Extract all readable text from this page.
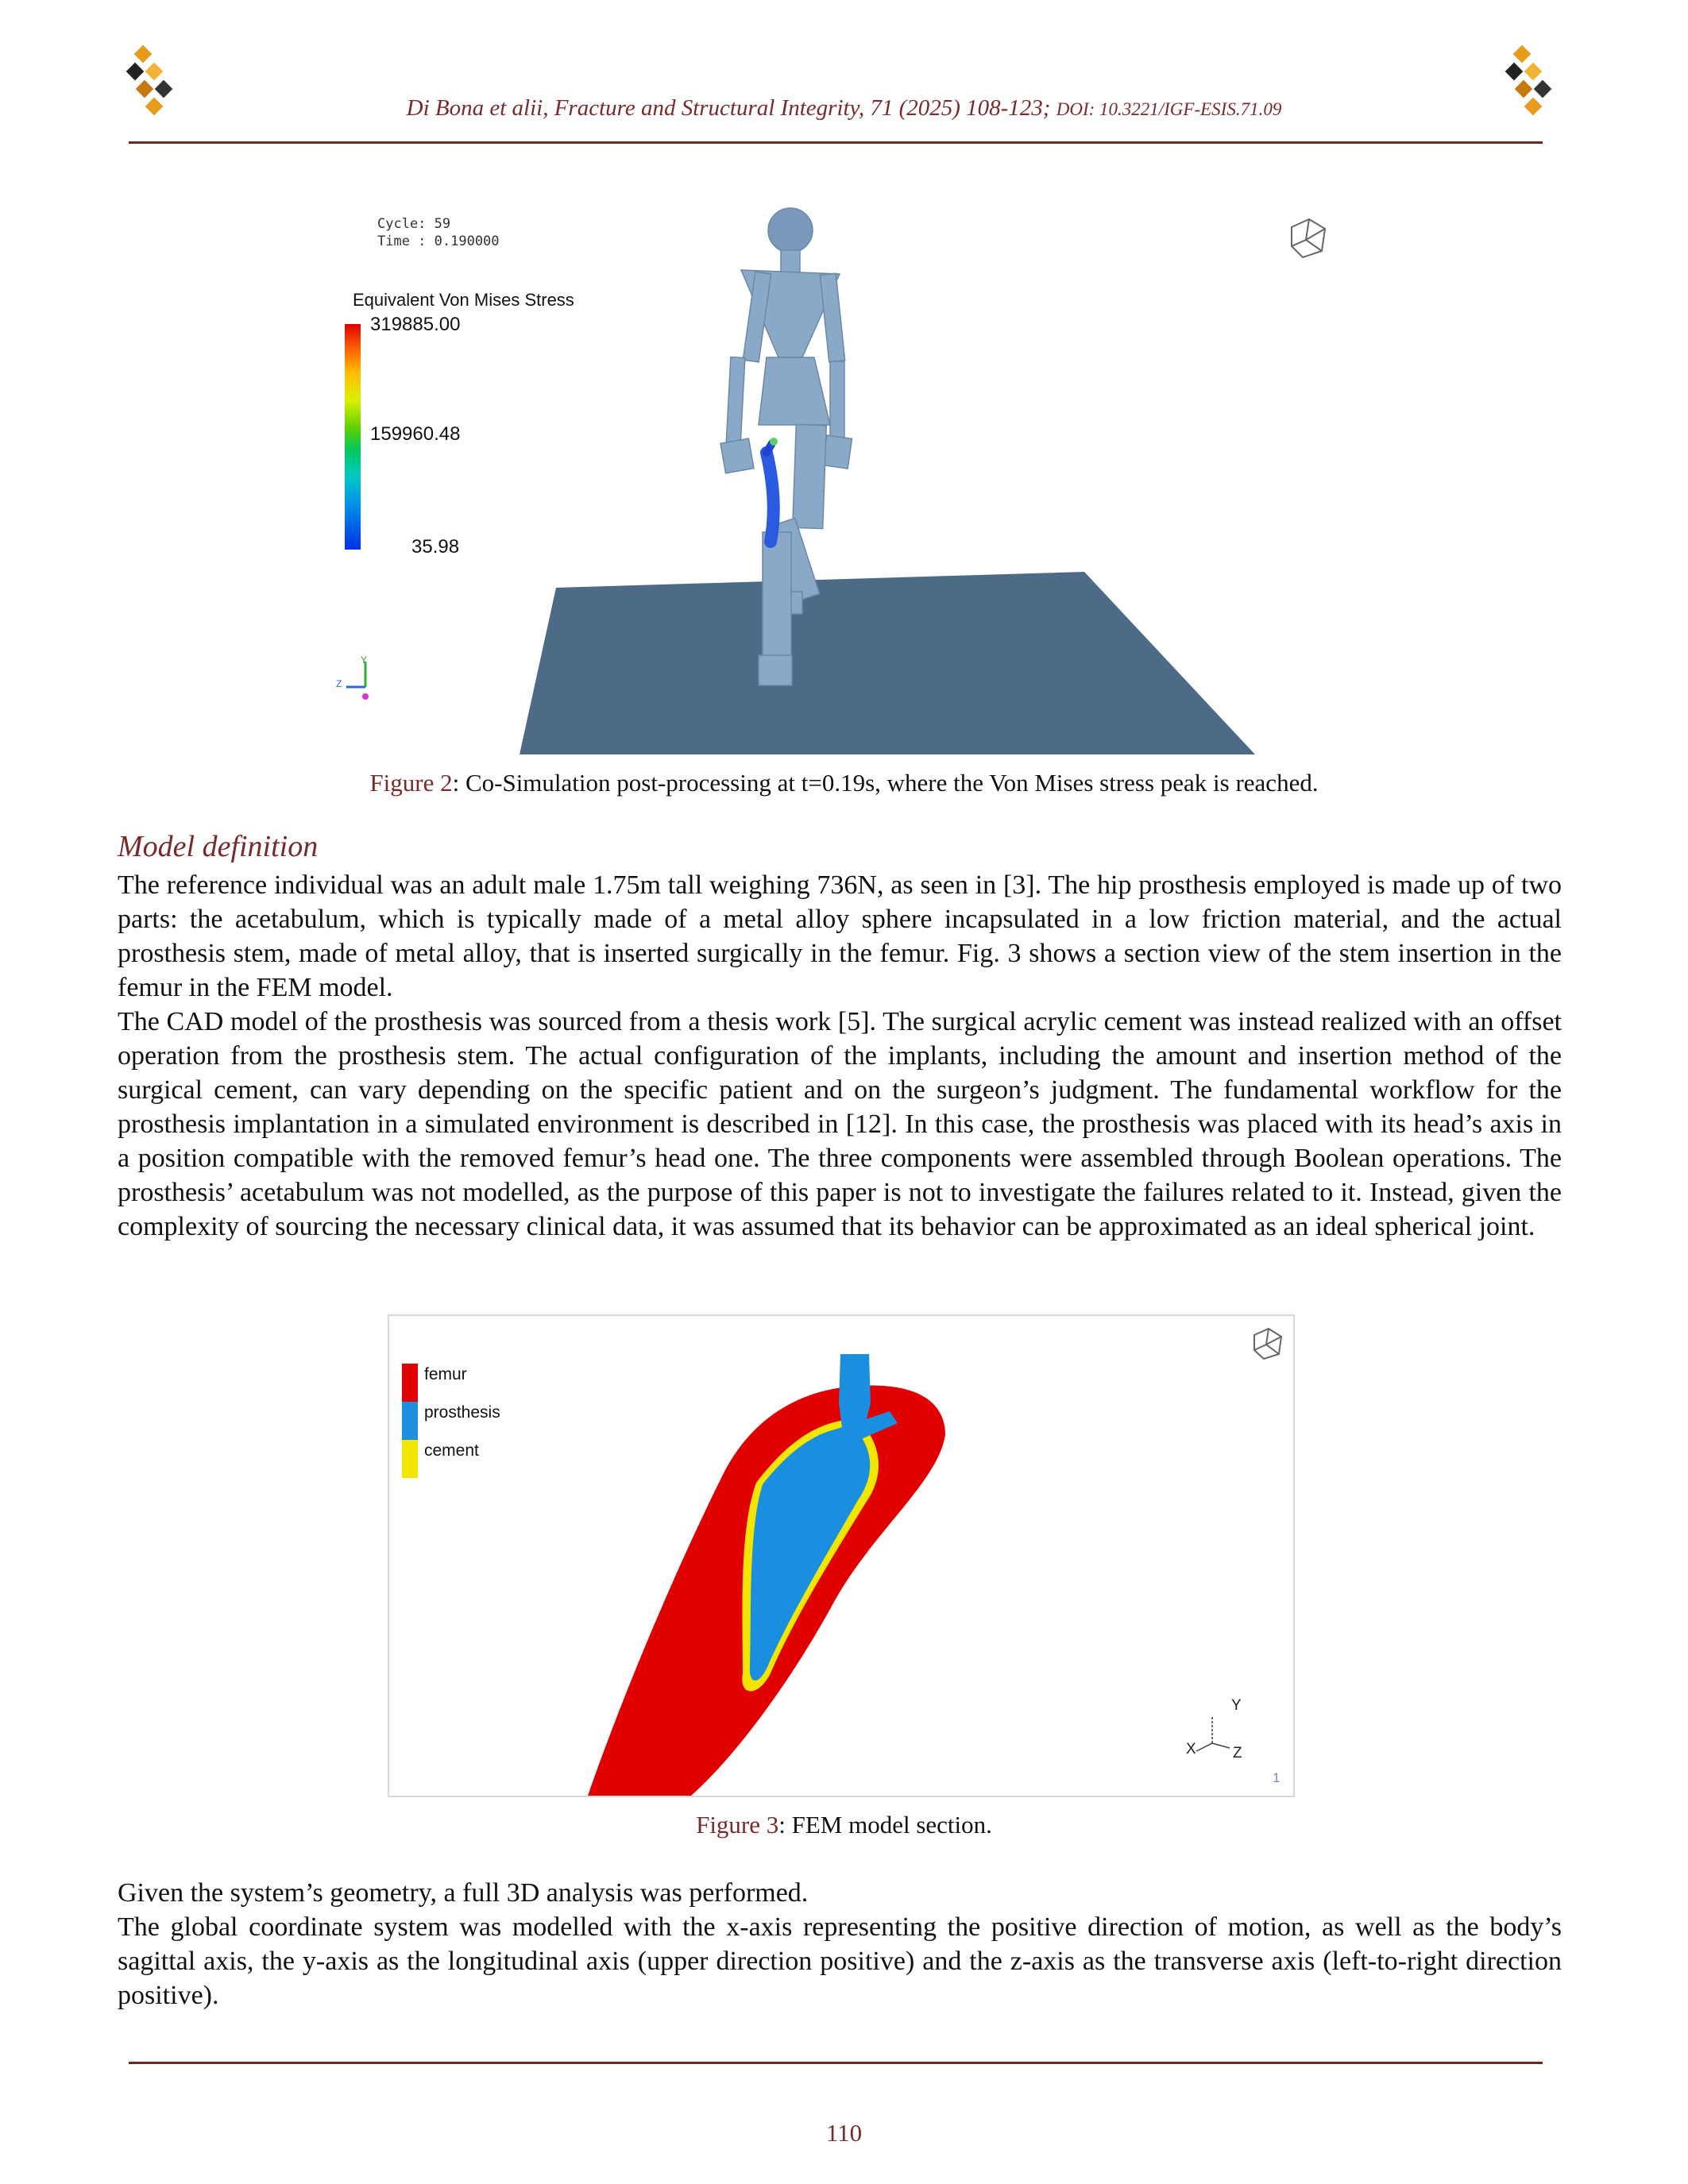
Di Bona et alii, Fracture and Structural Integrity, 71 (2025) 108-123; DOI: 10.3221/IGF-ESIS.71.09
Cycle: 59
Time : 0.190000
Equivalent Von Mises Stress
319885.00
159960.48
35.98
Y
Z
Figure 2: Co-Simulation post-processing at t=0.19s, where the Von Mises stress peak is reached.
Model definition

The reference individual was an adult male 1.75m tall weighing 736N, as seen in [3]. The hip prosthesis employed is made up of two parts: the acetabulum, which is typically made of a metal alloy sphere incapsulated in a low friction material, and the actual prosthesis stem, made of metal alloy, that is inserted surgically in the femur. Fig. 3 shows a section view of the stem insertion in the femur in the FEM model.

The CAD model of the prosthesis was sourced from a thesis work [5]. The surgical acrylic cement was instead realized with an offset operation from the prosthesis stem. The actual configuration of the implants, including the amount and insertion method of the surgical cement, can vary depending on the specific patient and on the surgeon’s judgment. The fundamental workflow for the prosthesis implantation in a simulated environment is described in [12]. In this case, the prosthesis was placed with its head’s axis in a position compatible with the removed femur’s head one. The three components were assembled through Boolean operations. The prosthesis’ acetabulum was not modelled, as the purpose of this paper is not to investigate the failures related to it. Instead, given the complexity of sourcing the necessary clinical data, it was assumed that its behavior can be approximated as an ideal spherical joint.

femur
prosthesis
cement
Y
X Z
1
Figure 3: FEM model section.

Given the system’s geometry, a full 3D analysis was performed.

The global coordinate system was modelled with the x-axis representing the positive direction of motion, as well as the body’s sagittal axis, the y-axis as the longitudinal axis (upper direction positive) and the z-axis as the transverse axis (left-to-right direction positive).

110
